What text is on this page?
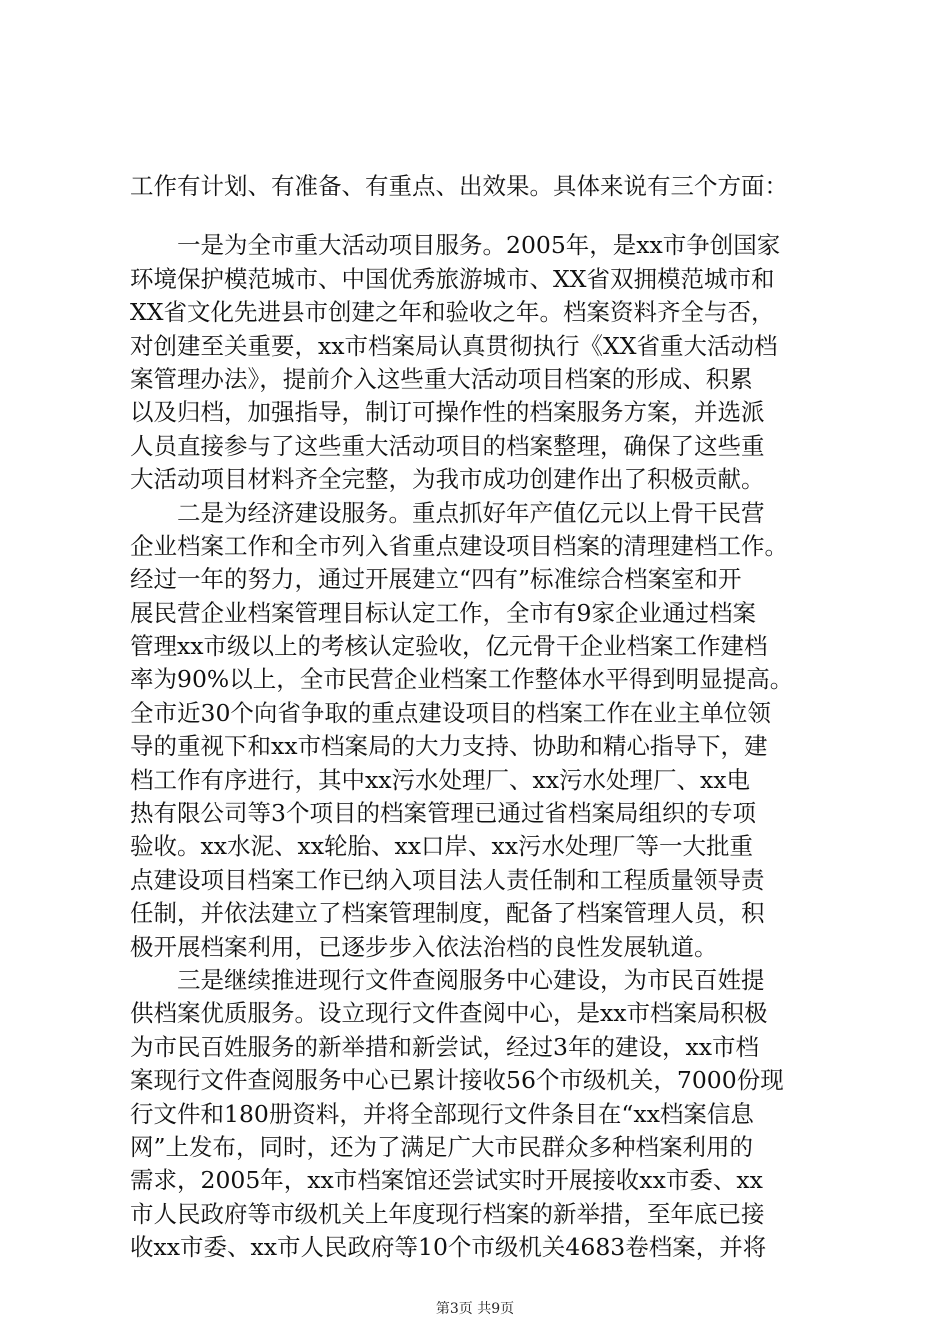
工作有计划、有准备、有重点、出效果。具体来说有三个方面：
　　一是为全市重大活动项目服务。2005年，是xx市争创国家
环境保护模范城市、中国优秀旅游城市、XX省双拥模范城市和
XX省文化先进县市创建之年和验收之年。档案资料齐全与否，
对创建至关重要，xx市档案局认真贯彻执行《XX省重大活动档
案管理办法》，提前介入这些重大活动项目档案的形成、积累
以及归档，加强指导，制订可操作性的档案服务方案，并选派
人员直接参与了这些重大活动项目的档案整理，确保了这些重
大活动项目材料齐全完整，为我市成功创建作出了积极贡献。
　　二是为经济建设服务。重点抓好年产值亿元以上骨干民营
企业档案工作和全市列入省重点建设项目档案的清理建档工作。
经过一年的努力，通过开展建立“四有”标准综合档案室和开
展民营企业档案管理目标认定工作，全市有9家企业通过档案
管理xx市级以上的考核认定验收，亿元骨干企业档案工作建档
率为90%以上，全市民营企业档案工作整体水平得到明显提高。
全市近30个向省争取的重点建设项目的档案工作在业主单位领
导的重视下和xx市档案局的大力支持、协助和精心指导下，建
档工作有序进行，其中xx污水处理厂、xx污水处理厂、xx电
热有限公司等3个项目的档案管理已通过省档案局组织的专项
验收。xx水泥、xx轮胎、xx口岸、xx污水处理厂等一大批重
点建设项目档案工作已纳入项目法人责任制和工程质量领导责
任制，并依法建立了档案管理制度，配备了档案管理人员，积
极开展档案利用，已逐步步入依法治档的良性发展轨道。
　　三是继续推进现行文件查阅服务中心建设，为市民百姓提
供档案优质服务。设立现行文件查阅中心，是xx市档案局积极
为市民百姓服务的新举措和新尝试，经过3年的建设，xx市档
案现行文件查阅服务中心已累计接收56个市级机关，7000份现
行文件和180册资料，并将全部现行文件条目在“xx档案信息
网”上发布，同时，还为了满足广大市民群众多种档案利用的
需求，2005年，xx市档案馆还尝试实时开展接收xx市委、xx
市人民政府等市级机关上年度现行档案的新举措，至年底已接
收xx市委、xx市人民政府等10个市级机关4683卷档案，并将
第3页 共9页
